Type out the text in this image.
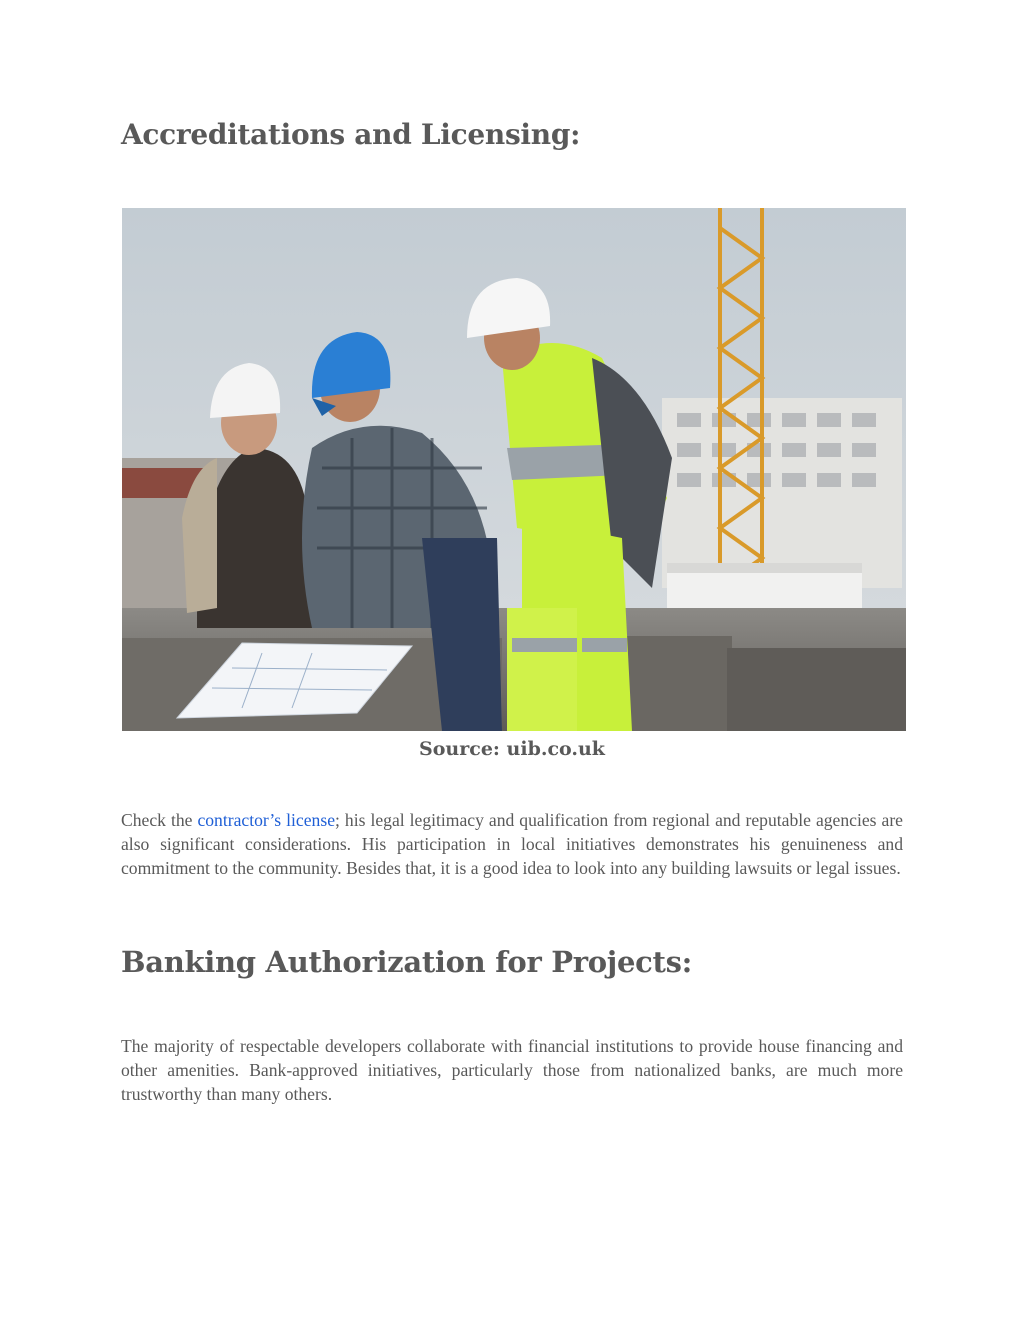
Accreditations and Licensing:
Source: uib.co.uk

Check the contractor’s license; his legal legitimacy and qualification from regional and reputable agencies are also significant considerations. His participation in local initiatives demonstrates his genuineness and commitment to the community. Besides that, it is a good idea to look into any building lawsuits or legal issues.

Banking Authorization for Projects:

The majority of respectable developers collaborate with financial institutions to provide house financing and other amenities. Bank-approved initiatives, particularly those from nationalized banks, are much more trustworthy than many others.
